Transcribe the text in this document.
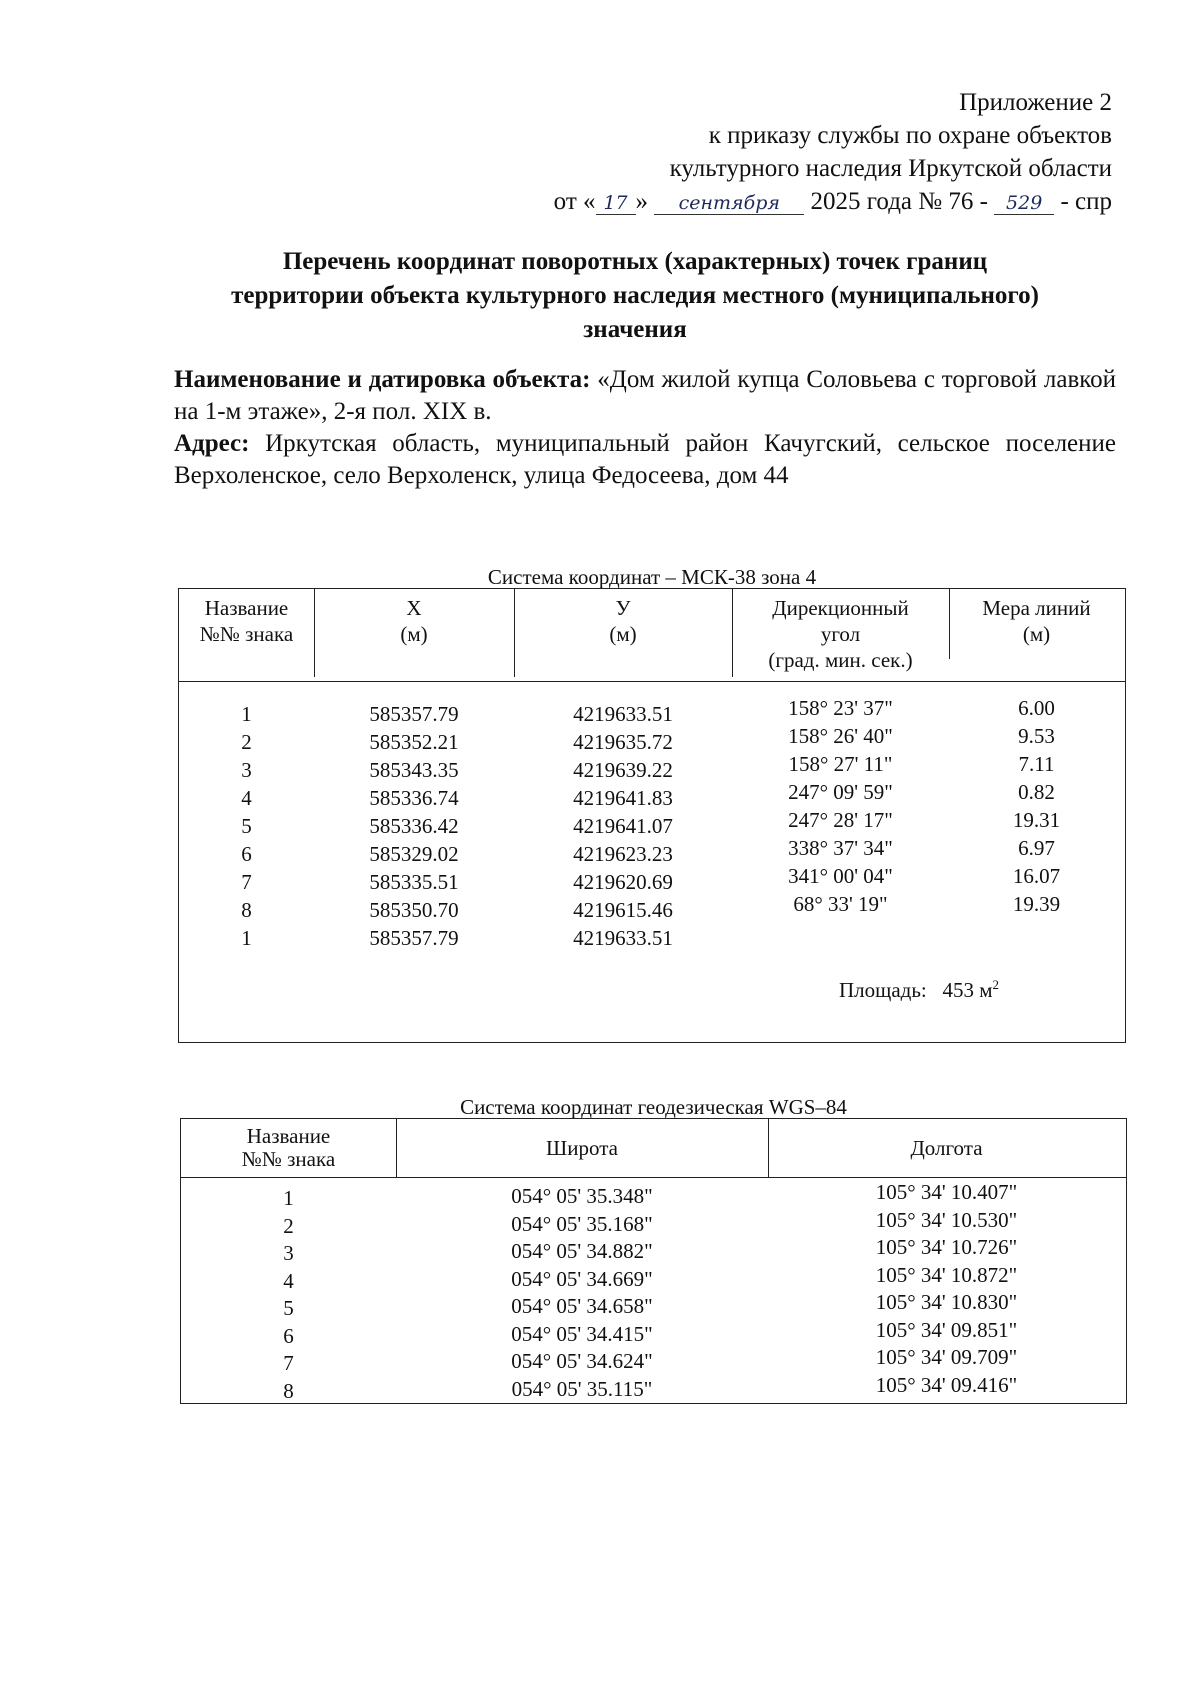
Приложение 2
к приказу службы по охране объектов
культурного наследия Иркутской области
от « 17 » сентября 2025 года № 76 - 529 - спр
Перечень координат поворотных (характерных) точек границ
территории объекта культурного наследия местного (муниципального)
значения

Наименование и датировка объекта: «Дом жилой купца Соловьева с торговой лавкой на 1-м этаже», 2-я пол. XIX в.

Адрес: Иркутская область, муниципальный район Качугский, сельское поселение Верхоленское, село Верхоленск, улица Федосеева, дом 44

Система координат – МСК-38 зона 4
Название
№№ знака
X
(м)
У
(м)
Дирекционный
угол
(град. мин. сек.)
Мера линий
(м)
1
2
3
4
5
6
7
8
1
585357.79
585352.21
585343.35
585336.74
585336.42
585329.02
585335.51
585350.70
585357.79
4219633.51
4219635.72
4219639.22
4219641.83
4219641.07
4219623.23
4219620.69
4219615.46
4219633.51
158° 23' 37"
158° 26' 40"
158° 27' 11"
247° 09' 59"
247° 28' 17"
338° 37' 34"
341° 00' 04"
68° 33' 19"
6.00
9.53
7.11
0.82
19.31
6.97
16.07
19.39
Площадь: 453 $м^2$
Система координат геодезическая WGS–84
Название
№№ знака	Широта	Долгота
1
2
3
4
5
6
7
8
054° 05' 35.348"
054° 05' 35.168"
054° 05' 34.882"
054° 05' 34.669"
054° 05' 34.658"
054° 05' 34.415"
054° 05' 34.624"
054° 05' 35.115"
105° 34' 10.407"
105° 34' 10.530"
105° 34' 10.726"
105° 34' 10.872"
105° 34' 10.830"
105° 34' 09.851"
105° 34' 09.709"
105° 34' 09.416"
